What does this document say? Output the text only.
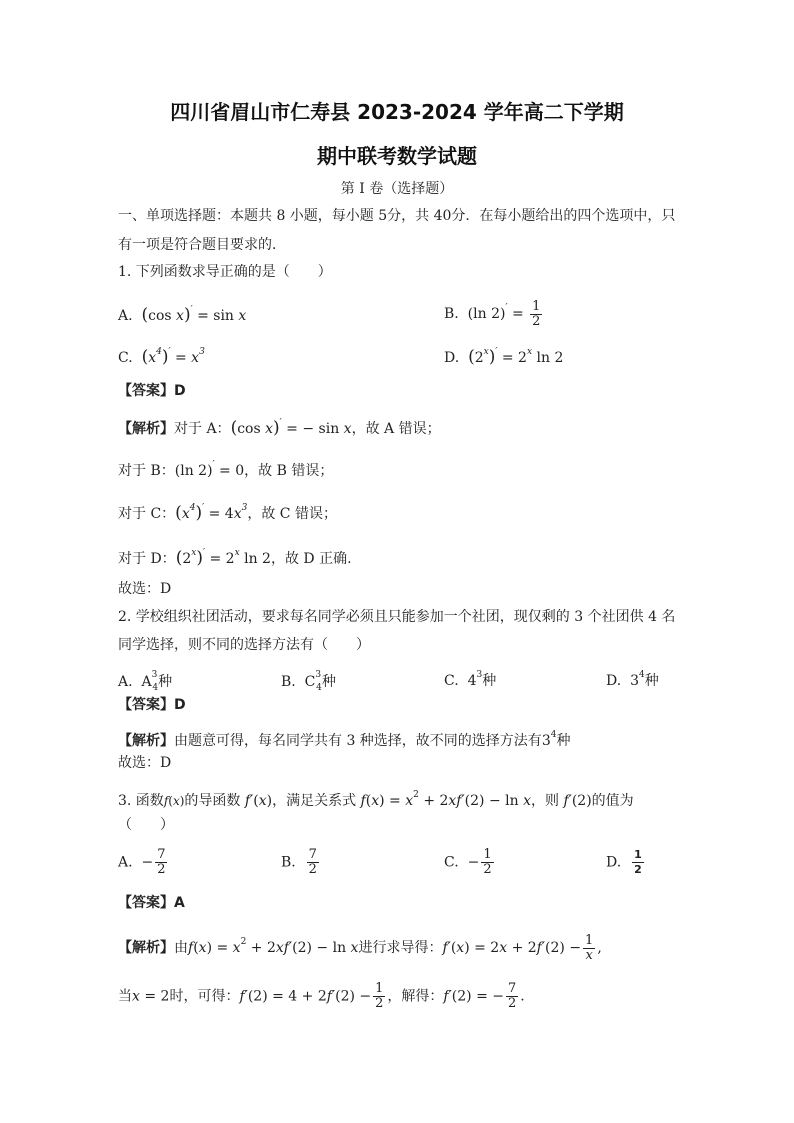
四川省眉山市仁寿县 2023-2024 学年高二下学期
期中联考数学试题
第 I 卷（选择题）
一、单项选择题：本题共 8 小题，每小题 5分，共 40分．在每小题给出的四个选项中，只
有一项是符合题目要求的．
1. 下列函数求导正确的是（　　）
A. (cos x)′ = sin x	B. (ln $2)' = \frac{1}{2}$
C. $(x^4)' = x^3$	D. $(2^x)' = 2^x$ ln 2
【答案】D
【解析】对于 A：(cos x)′ = − sin x，故 A 错误；
对于 B：(ln 2)′ = 0，故 B 错误；
对于 C：$(x^4)' = 4x^3$，故 C 错误；
对于 D：$(2^x)' = 2^x$ ln 2，故 D 正确.
故选：D
2. 学校组织社团活动，要求每名同学必须且只能参加一个社团，现仅剩的 3 个社团供 4 名
同学选择，则不同的选择方法有（　　）
A. $A^3_4$种	B. $C^3_4$种	C.  $4^3$种	D.  $3^4$种
【答案】D
【解析】由题意可得，每名同学共有 3 种选择，故不同的选择方法有$3^4$种
故选：D
3. 函数f(x)的导函数 f′(x)，满足关系式 $f(x) = x^2 + 2xf'(2) - \ln x$，则 f′(2)的值为
（　　）
A.  − $\frac{7}{2}$	B. $\frac{7}{2}$	C.  − $\frac{1}{2}$	D. $\frac{1}{2}$
【答案】A
【解析】由$f(x) = x^2 + 2xf'(2) - \ln x$进行求导得：$f'(x) = 2x + 2f'(2) - \frac{1}{x}$ ,
当x = 2时，可得：$f'(2) = 4 + 2f'(2) - \frac{1}{2}$ ，解得：f′(2) = − $\frac{7}{2}$ .
